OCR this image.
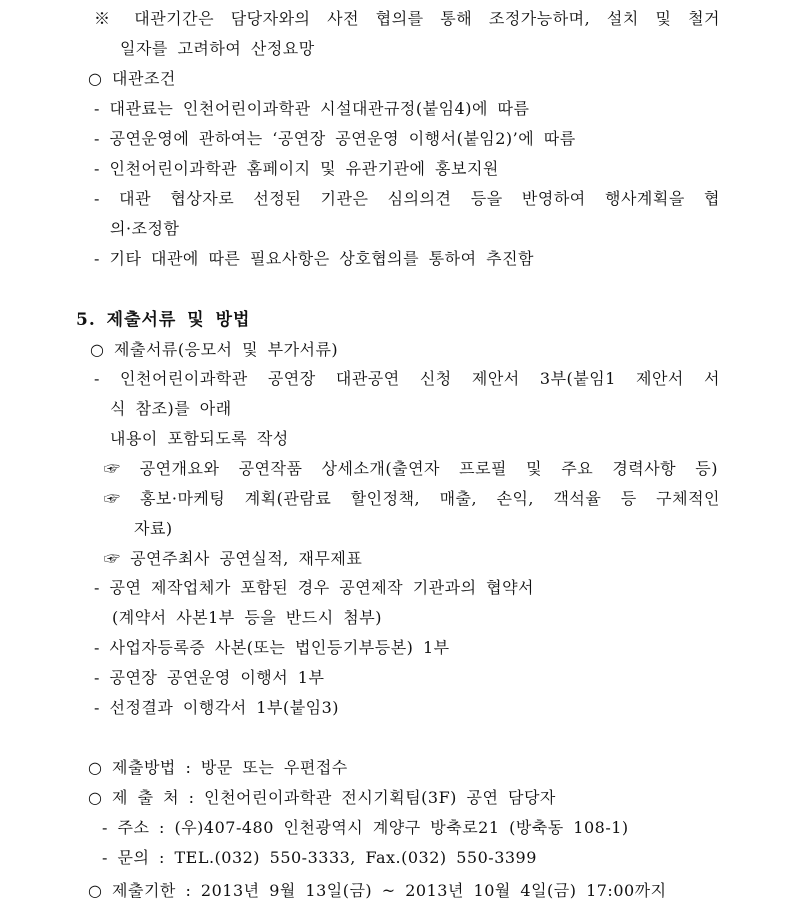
※ 대관기간은 담당자와의 사전 협의를 통해 조정가능하며, 설치 및 철거
일자를 고려하여 산정요망
○ 대관조건
- 대관료는 인천어린이과학관 시설대관규정(붙임4)에 따름
- 공연운영에 관하여는 ‘공연장 공연운영 이행서(붙임2)’에 따름
- 인천어린이과학관 홈페이지 및 유관기관에 홍보지원
- 대관 협상자로 선정된 기관은 심의의견 등을 반영하여 행사계획을 협
의·조정함
- 기타 대관에 따른 필요사항은 상호협의를 통하여 추진함
5. 제출서류 및 방법
○ 제출서류(응모서 및 부가서류)
- 인천어린이과학관 공연장 대관공연 신청 제안서 3부(붙임1 제안서 서
식 참조)를 아래
내용이 포함되도록 작성
☞ 공연개요와 공연작품 상세소개(출연자 프로필 및 주요 경력사항 등)
☞ 홍보·마케팅 계획(관람료 할인정책, 매출, 손익, 객석율 등 구체적인
자료)
☞ 공연주최사 공연실적, 재무제표
- 공연 제작업체가 포함된 경우 공연제작 기관과의 협약서
(계약서 사본1부 등을 반드시 첨부)
- 사업자등록증 사본(또는 법인등기부등본) 1부
- 공연장 공연운영 이행서 1부
- 선정결과 이행각서 1부(붙임3)
○ 제출방법 : 방문 또는 우편접수
○ 제 출 처 : 인천어린이과학관 전시기획팀(3F) 공연 담당자
- 주소 : (우)407-480 인천광역시 계양구 방축로21 (방축동 108-1)
- 문의 : TEL.(032) 550-3333, Fax.(032) 550-3399
○ 제출기한 : 2013년 9월 13일(금) ~ 2013년 10월 4일(금) 17:00까지
